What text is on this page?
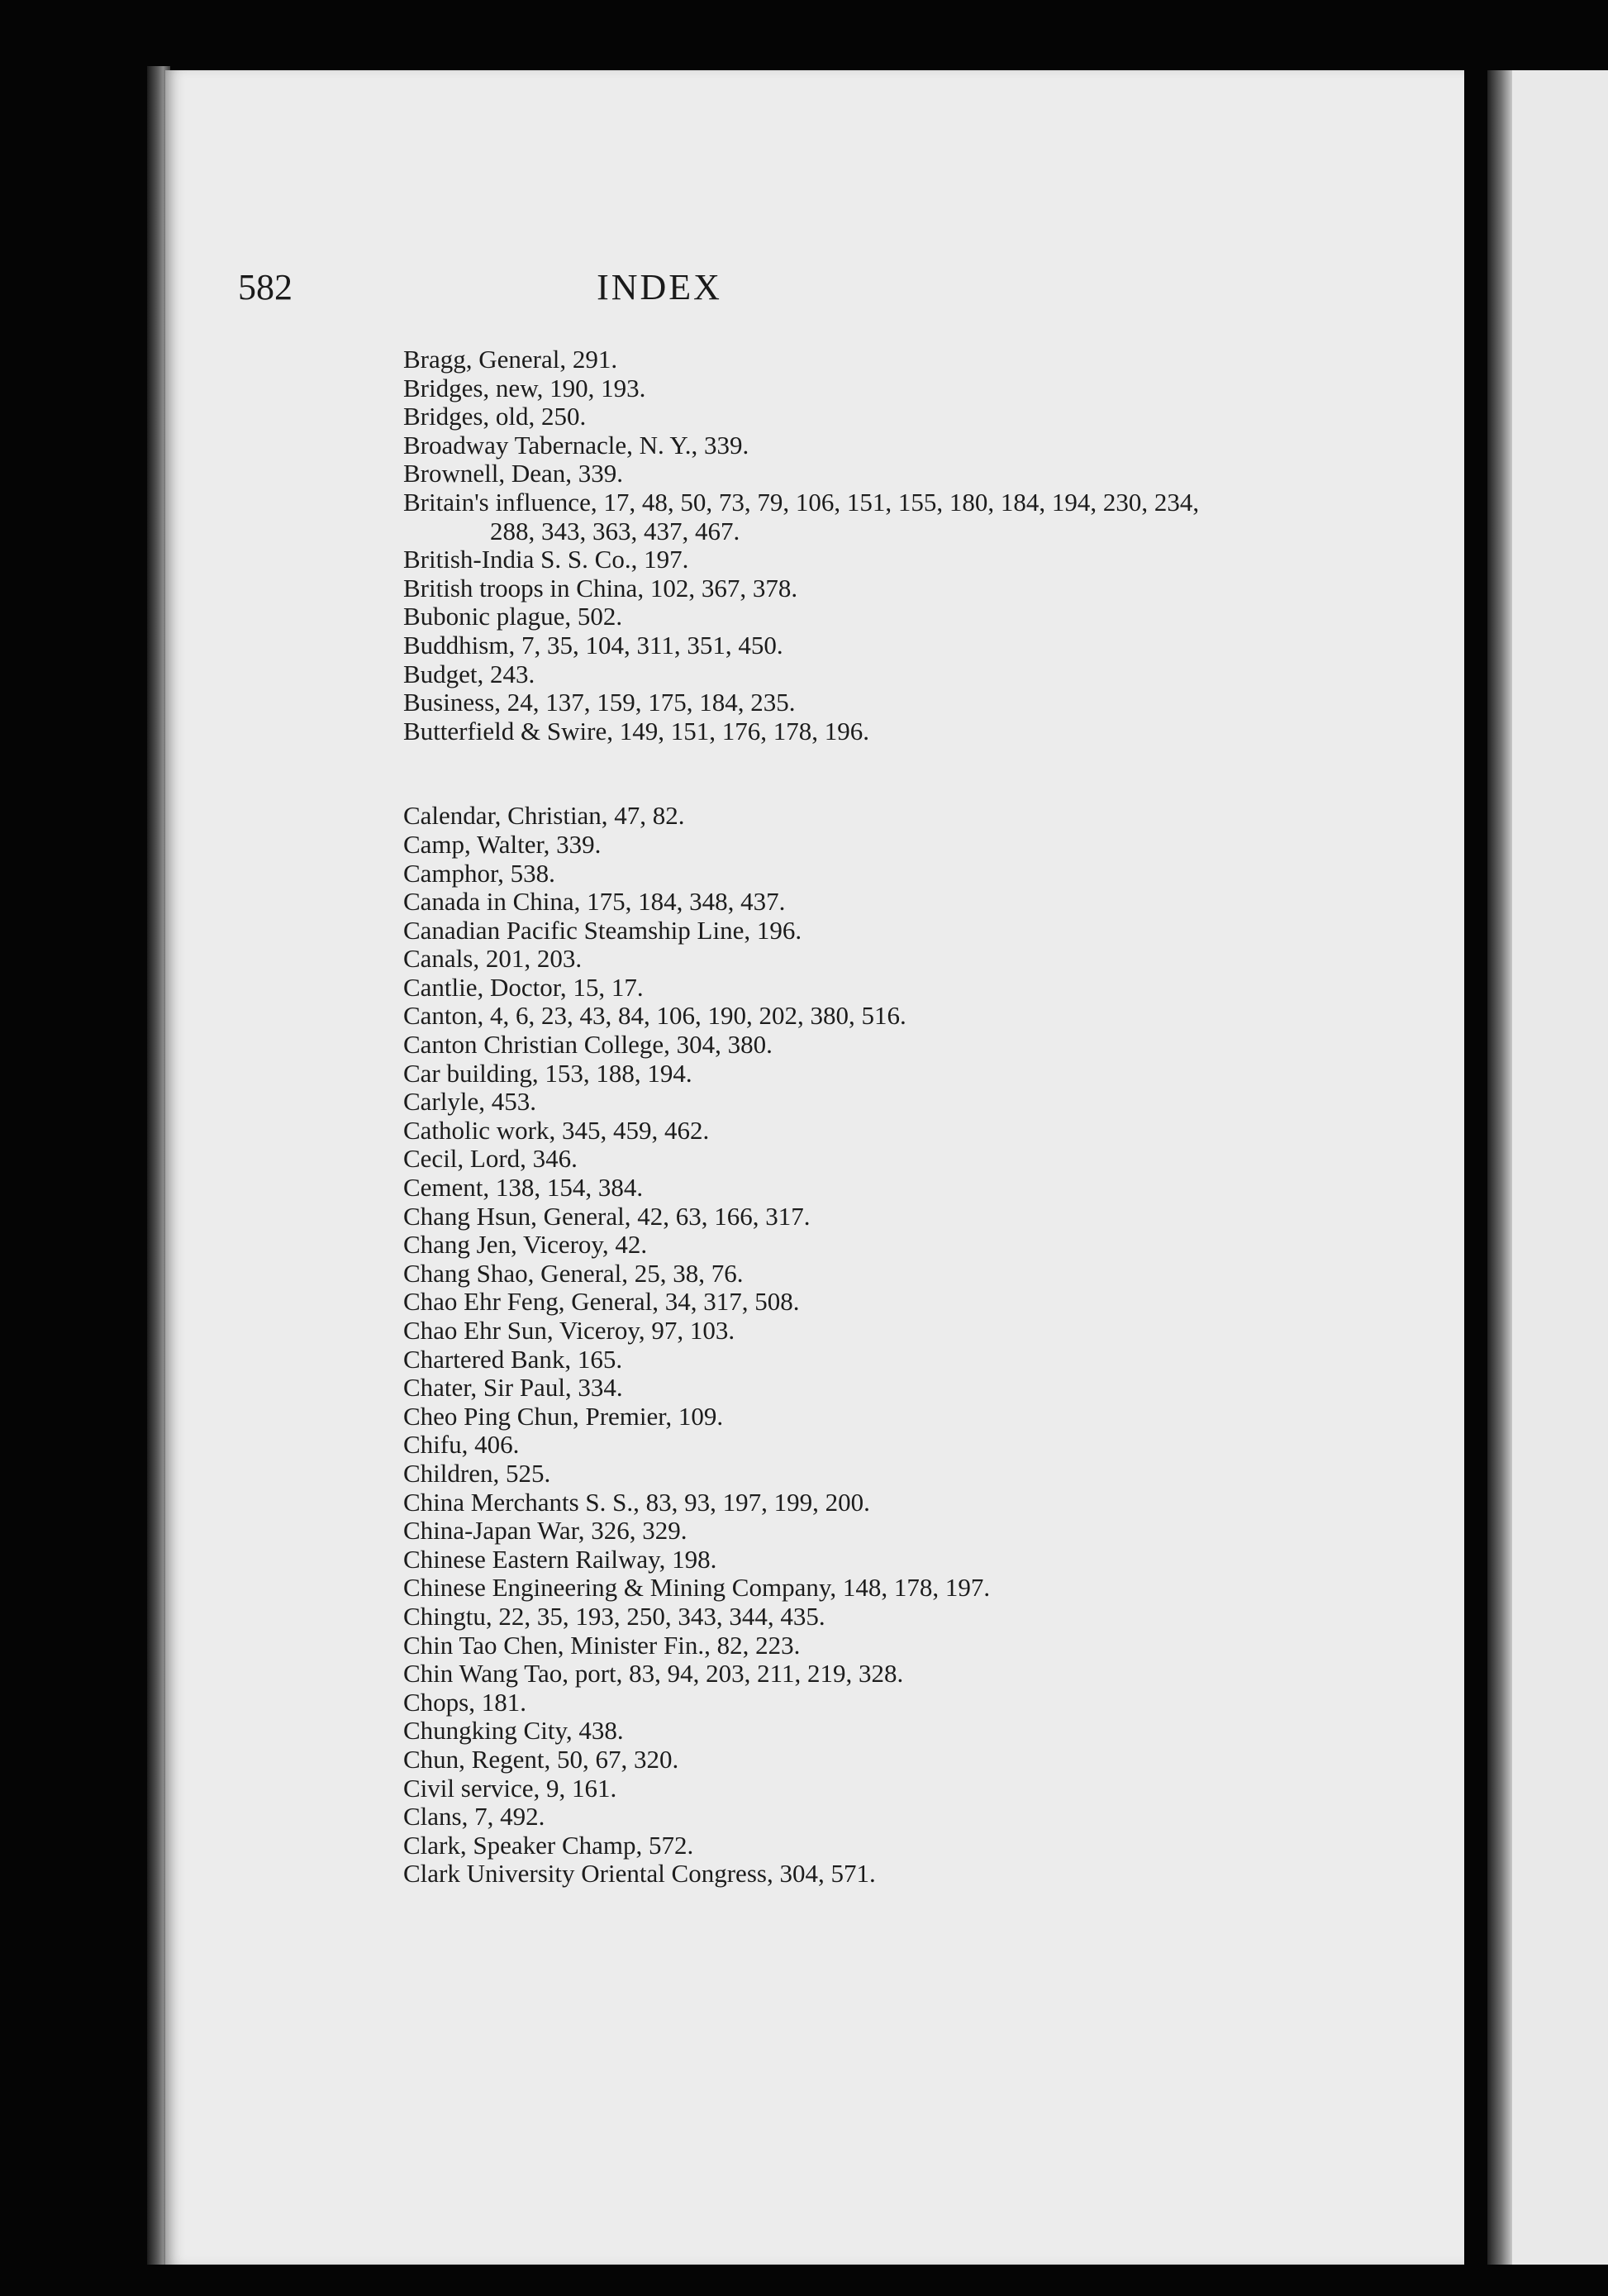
582	INDEX
Bragg, General, 291.
Bridges, new, 190, 193.
Bridges, old, 250.
Broadway Tabernacle, N. Y., 339.
Brownell, Dean, 339.
Britain's influence, 17, 48, 50, 73, 79, 106, 151, 155, 180, 184, 194, 230, 234,
288, 343, 363, 437, 467.
British-India S. S. Co., 197.
British troops in China, 102, 367, 378.
Bubonic plague, 502.
Buddhism, 7, 35, 104, 311, 351, 450.
Budget, 243.
Business, 24, 137, 159, 175, 184, 235.
Butterfield & Swire, 149, 151, 176, 178, 196.
Calendar, Christian, 47, 82.
Camp, Walter, 339.
Camphor, 538.
Canada in China, 175, 184, 348, 437.
Canadian Pacific Steamship Line, 196.
Canals, 201, 203.
Cantlie, Doctor, 15, 17.
Canton, 4, 6, 23, 43, 84, 106, 190, 202, 380, 516.
Canton Christian College, 304, 380.
Car building, 153, 188, 194.
Carlyle, 453.
Catholic work, 345, 459, 462.
Cecil, Lord, 346.
Cement, 138, 154, 384.
Chang Hsun, General, 42, 63, 166, 317.
Chang Jen, Viceroy, 42.
Chang Shao, General, 25, 38, 76.
Chao Ehr Feng, General, 34, 317, 508.
Chao Ehr Sun, Viceroy, 97, 103.
Chartered Bank, 165.
Chater, Sir Paul, 334.
Cheo Ping Chun, Premier, 109.
Chifu, 406.
Children, 525.
China Merchants S. S., 83, 93, 197, 199, 200.
China-Japan War, 326, 329.
Chinese Eastern Railway, 198.
Chinese Engineering & Mining Company, 148, 178, 197.
Chingtu, 22, 35, 193, 250, 343, 344, 435.
Chin Tao Chen, Minister Fin., 82, 223.
Chin Wang Tao, port, 83, 94, 203, 211, 219, 328.
Chops, 181.
Chungking City, 438.
Chun, Regent, 50, 67, 320.
Civil service, 9, 161.
Clans, 7, 492.
Clark, Speaker Champ, 572.
Clark University Oriental Congress, 304, 571.
